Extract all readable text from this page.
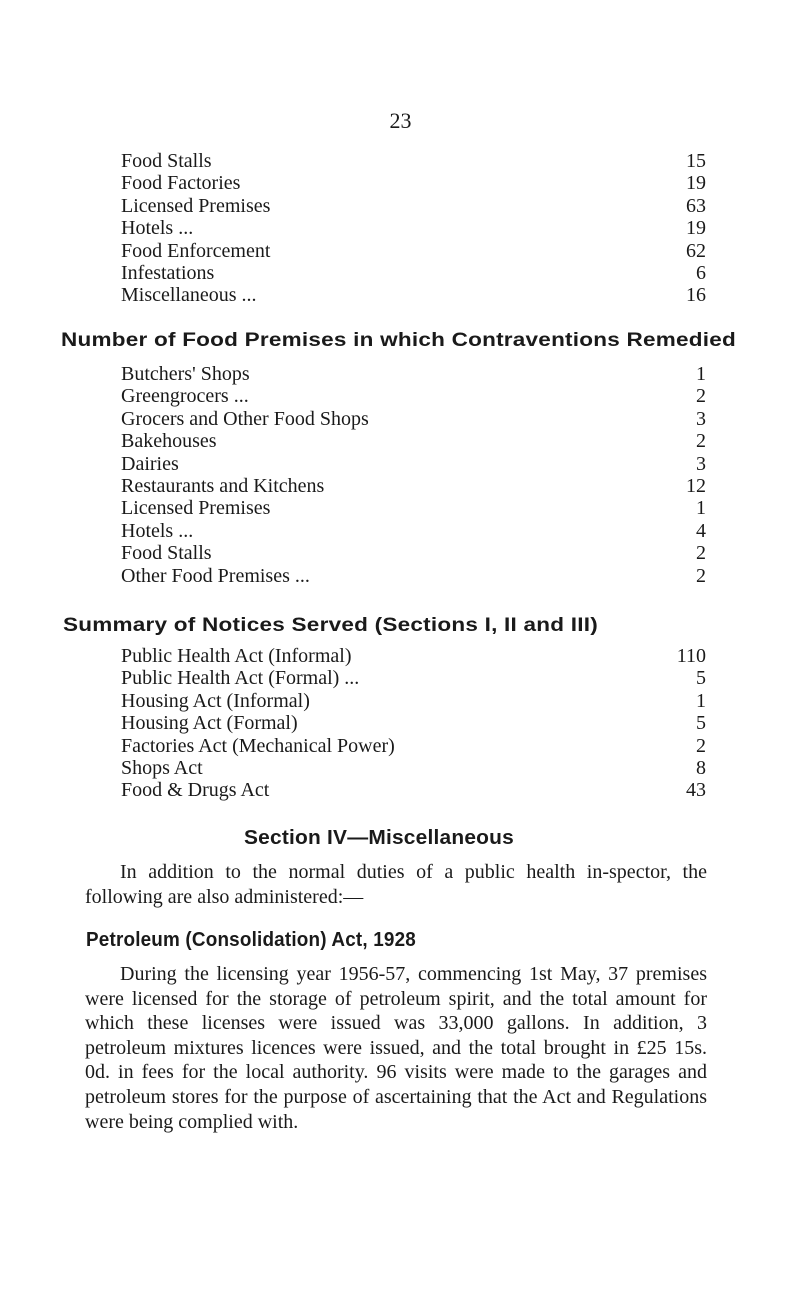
23
Food Stalls	15
Food Factories	19
Licensed Premises	63
Hotels ...	19
Food Enforcement	62
Infestations	6
Miscellaneous ...	16
Number of Food Premises in which Contraventions Remedied
Butchers' Shops	1
Greengrocers ...	2
Grocers and Other Food Shops	3
Bakehouses	2
Dairies	3
Restaurants and Kitchens	12
Licensed Premises	1
Hotels ...	4
Food Stalls	2
Other Food Premises ...	2
Summary of Notices Served (Sections I, II and III)
Public Health Act (Informal)	110
Public Health Act (Formal) ...	5
Housing Act (Informal)	1
Housing Act (Formal)	5
Factories Act (Mechanical Power)	2
Shops Act	8
Food & Drugs Act	43
Section IV—Miscellaneous

In addition to the normal duties of a public health in-spector, the following are also administered:—

Petroleum (Consolidation) Act, 1928

During the licensing year 1956-57, commencing 1st May, 37 premises were licensed for the storage of petroleum spirit, and the total amount for which these licenses were issued was 33,000 gallons. In addition, 3 petroleum mixtures licences were issued, and the total brought in £25 15s. 0d. in fees for the local authority. 96 visits were made to the garages and petroleum stores for the purpose of ascertaining that the Act and Regulations were being complied with.
